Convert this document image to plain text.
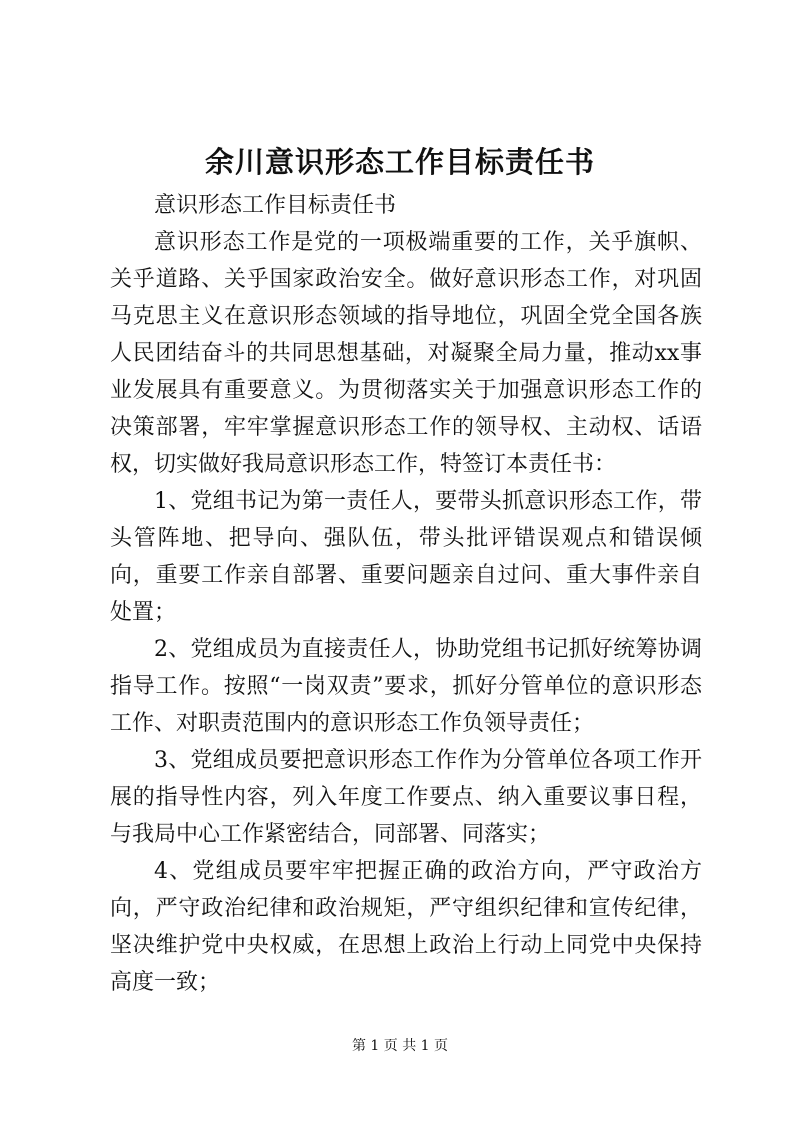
余川意识形态工作目标责任书

意识形态工作目标责任书

意识形态工作是党的一项极端重要的工作，关乎旗帜、关乎道路、关乎国家政治安全。做好意识形态工作，对巩固马克思主义在意识形态领域的指导地位，巩固全党全国各族人民团结奋斗的共同思想基础，对凝聚全局力量，推动xx事业发展具有重要意义。为贯彻落实关于加强意识形态工作的决策部署，牢牢掌握意识形态工作的领导权、主动权、话语权，切实做好我局意识形态工作，特签订本责任书：

1、党组书记为第一责任人，要带头抓意识形态工作，带头管阵地、把导向、强队伍，带头批评错误观点和错误倾向，重要工作亲自部署、重要问题亲自过问、重大事件亲自处置；

2、党组成员为直接责任人，协助党组书记抓好统筹协调指导工作。按照“一岗双责”要求，抓好分管单位的意识形态工作、对职责范围内的意识形态工作负领导责任；

3、党组成员要把意识形态工作作为分管单位各项工作开展的指导性内容，列入年度工作要点、纳入重要议事日程，与我局中心工作紧密结合，同部署、同落实；

4、党组成员要牢牢把握正确的政治方向，严守政治方向，严守政治纪律和政治规矩，严守组织纪律和宣传纪律，坚决维护党中央权威，在思想上政治上行动上同党中央保持高度一致；

第 1 页 共 1 页
